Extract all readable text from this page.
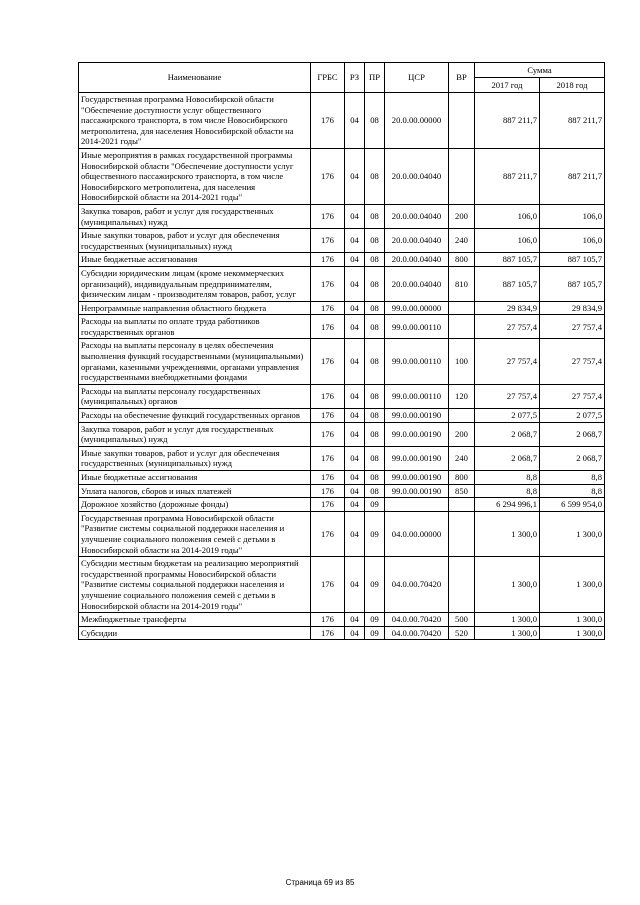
Наименование	ГРБС	РЗ	ПР	ЦСР	ВР	Сумма	
						2017 год	2018 год
Государственная программа Новосибирской области "Обеспечение доступности услуг общественного пассажирского транспорта, в том числе Новосибирского метрополитена, для населения Новосибирской области на 2014-2021 годы"	176	04	08	20.0.00.00000		887 211,7	887 211,7
Иные мероприятия в рамках государственной программы Новосибирской области "Обеспечение доступности услуг общественного пассажирского транспорта, в том числе Новосибирского метрополитена, для населения Новосибирской области на 2014-2021 годы"	176	04	08	20.0.00.04040		887 211,7	887 211,7
Закупка товаров, работ и услуг для государственных (муниципальных) нужд	176	04	08	20.0.00.04040	200	106,0	106,0
Иные закупки товаров, работ и услуг для обеспечения государственных (муниципальных) нужд	176	04	08	20.0.00.04040	240	106,0	106,0
Иные бюджетные ассигнования	176	04	08	20.0.00.04040	800	887 105,7	887 105,7
Субсидии юридическим лицам (кроме некоммерческих организаций), индивидуальным предпринимателям, физическим лицам - производителям товаров, работ, услуг	176	04	08	20.0.00.04040	810	887 105,7	887 105,7
Непрограммные направления областного бюджета	176	04	08	99.0.00.00000		29 834,9	29 834,9
Расходы на выплаты по оплате труда работников государственных органов	176	04	08	99.0.00.00110		27 757,4	27 757,4
Расходы на выплаты персоналу в целях обеспечения выполнения функций государственными (муниципальными) органами, казенными учреждениями, органами управления государственными внебюджетными фондами	176	04	08	99.0.00.00110	100	27 757,4	27 757,4
Расходы на выплаты персоналу государственных (муниципальных) органов	176	04	08	99.0.00.00110	120	27 757,4	27 757,4
Расходы на обеспечение функций государственных органов	176	04	08	99.0.00.00190		2 077,5	2 077,5
Закупка товаров, работ и услуг для государственных (муниципальных) нужд	176	04	08	99.0.00.00190	200	2 068,7	2 068,7
Иные закупки товаров, работ и услуг для обеспечения государственных (муниципальных) нужд	176	04	08	99.0.00.00190	240	2 068,7	2 068,7
Иные бюджетные ассигнования	176	04	08	99.0.00.00190	800	8,8	8,8
Уплата налогов, сборов и иных платежей	176	04	08	99.0.00.00190	850	8,8	8,8
Дорожное хозяйство (дорожные фонды)	176	04	09			6 294 996,1	6 599 954,0
Государственная программа Новосибирской области "Развитие системы социальной поддержки населения и улучшение социального положения семей с детьми в Новосибирской области на 2014-2019 годы"	176	04	09	04.0.00.00000		1 300,0	1 300,0
Субсидии местным бюджетам на реализацию мероприятий государственной программы Новосибирской области "Развитие системы социальной поддержки населения и улучшение социального положения семей с детьми в Новосибирской области на 2014-2019 годы"	176	04	09	04.0.00.70420		1 300,0	1 300,0
Межбюджетные трансферты	176	04	09	04.0.00.70420	500	1 300,0	1 300,0
Субсидии	176	04	09	04.0.00.70420	520	1 300,0	1 300,0
Страница 69 из 85
